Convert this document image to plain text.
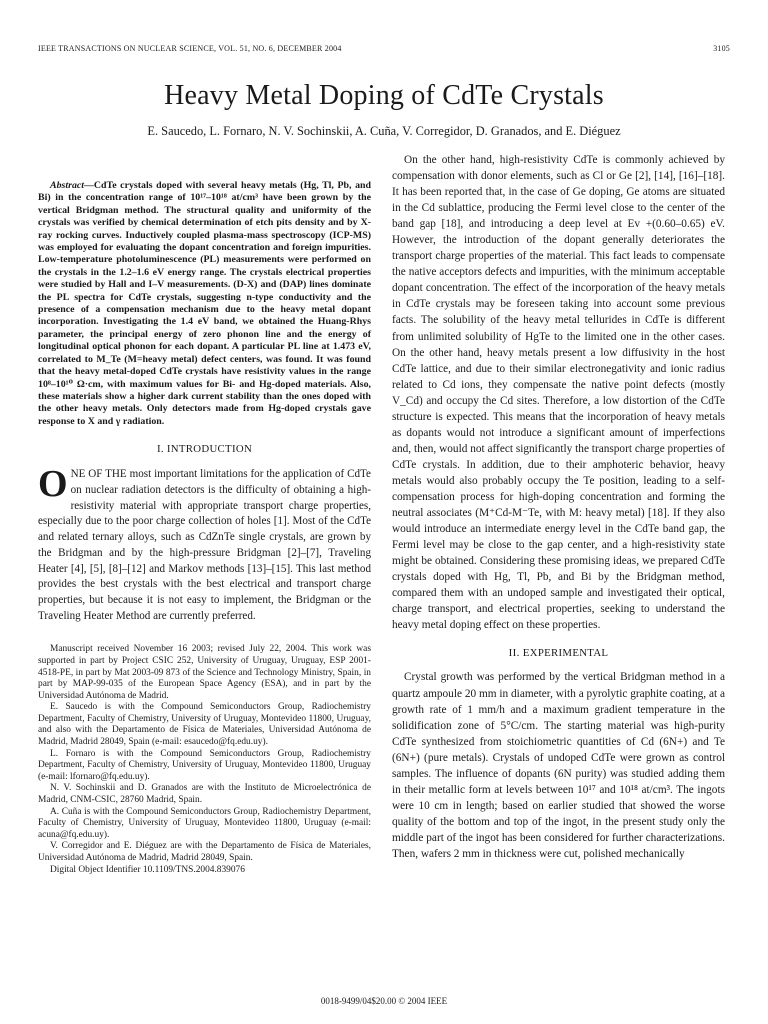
IEEE TRANSACTIONS ON NUCLEAR SCIENCE, VOL. 51, NO. 6, DECEMBER 2004	3105
Heavy Metal Doping of CdTe Crystals
E. Saucedo, L. Fornaro, N. V. Sochinskii, A. Cuña, V. Corregidor, D. Granados, and E. Diéguez

Abstract—CdTe crystals doped with several heavy metals (Hg, Tl, Pb, and Bi) in the concentration range of 10¹⁷–10¹⁸ at/cm³ have been grown by the vertical Bridgman method. The structural quality and uniformity of the crystals was verified by chemical determination of etch pits density and by X-ray rocking curves. Inductively coupled plasma-mass spectroscopy (ICP-MS) was employed for evaluating the dopant concentration and foreign impurities. Low-temperature photoluminescence (PL) measurements were performed on the crystals in the 1.2–1.6 eV energy range. The crystals electrical properties were studied by Hall and I–V measurements. (D-X) and (DAP) lines dominate the PL spectra for CdTe crystals, suggesting n-type conductivity and the presence of a compensation mechanism due to the heavy metal dopant incorporation. Investigating the 1.4 eV band, we obtained the Huang-Rhys parameter, the principal energy of zero phonon line and the energy of longitudinal optical phonon for each dopant. A particular PL line at 1.473 eV, correlated to M_Te (M=heavy metal) defect centers, was found. It was found that the heavy metal-doped CdTe crystals have resistivity values in the range 10⁸–10¹⁰ Ω·cm, with maximum values for Bi- and Hg-doped materials. Also, these materials show a higher dark current stability than the ones doped with the other heavy metals. Only detectors made from Hg-doped crystals gave response to X and γ radiation.

I. INTRODUCTION

ONE OF THE most important limitations for the application of CdTe on nuclear radiation detectors is the difficulty of obtaining a high-resistivity material with appropriate transport charge properties, especially due to the poor charge collection of holes [1]. Most of the CdTe and related ternary alloys, such as CdZnTe single crystals, are grown by the Bridgman and by the high-pressure Bridgman [2]–[7], Traveling Heater [4], [5], [8]–[12] and Markov methods [13]–[15]. This last method provides the best crystals with the best electrical and transport charge properties, but because it is not easy to implement, the Bridgman or the Traveling Heater Method are currently preferred.

Manuscript received November 16 2003; revised July 22, 2004. This work was supported in part by Project CSIC 252, University of Uruguay, Uruguay, ESP 2001-4518-PE, in part by Mat 2003-09 873 of the Science and Technology Ministry, Spain, in part by MAP-99-035 of the European Space Agency (ESA), and in part by the Universidad Autónoma de Madrid.

E. Saucedo is with the Compound Semiconductors Group, Radiochemistry Department, Faculty of Chemistry, University of Uruguay, Montevideo 11800, Uruguay, and also with the Departamento de Física de Materiales, Universidad Autónoma de Madrid, Madrid 28049, Spain (e-mail: esaucedo@fq.edu.uy).

L. Fornaro is with the Compound Semiconductors Group, Radiochemistry Department, Faculty of Chemistry, University of Uruguay, Montevideo 11800, Uruguay (e-mail: lfornaro@fq.edu.uy).

N. V. Sochinskii and D. Granados are with the Instituto de Microelectrónica de Madrid, CNM-CSIC, 28760 Madrid, Spain.

A. Cuña is with the Compound Semiconductors Group, Radiochemistry Department, Faculty of Chemistry, University of Uruguay, Montevideo 11800, Uruguay (e-mail: acuna@fq.edu.uy).

V. Corregidor and E. Diéguez are with the Departamento de Física de Materiales, Universidad Autónoma de Madrid, Madrid 28049, Spain.

Digital Object Identifier 10.1109/TNS.2004.839076

On the other hand, high-resistivity CdTe is commonly achieved by compensation with donor elements, such as Cl or Ge [2], [14], [16]–[18]. It has been reported that, in the case of Ge doping, Ge atoms are situated in the Cd sublattice, producing the Fermi level close to the center of the band gap [18], and introducing a deep level at Ev +(0.60–0.65) eV. However, the introduction of the dopant generally deteriorates the transport charge properties of the material. This fact leads to compensate the native acceptors defects and impurities, with the minimum acceptable dopant concentration. The effect of the incorporation of the heavy metals in CdTe crystals may be foreseen taking into account some previous facts. The solubility of the heavy metal tellurides in CdTe is different from unlimited solubility of HgTe to the limited one in the other cases. On the other hand, heavy metals present a low diffusivity in the host CdTe lattice, and due to their similar electronegativity and ionic radius related to Cd ions, they compensate the native point defects (mostly V_Cd) and occupy the Cd sites. Therefore, a low distortion of the CdTe structure is expected. This means that the incorporation of heavy metals as dopants would not introduce a significant amount of imperfections and, then, would not affect significantly the transport charge properties of CdTe crystals. In addition, due to their amphoteric behavior, heavy metals would also probably occupy the Te position, leading to a self-compensation process for high-doping concentration and forming the neutral associates (M⁺Cd-M⁻Te, with M: heavy metal) [18]. If they also would introduce an intermediate energy level in the CdTe band gap, the Fermi level may be close to the gap center, and a high-resistivity state might be obtained. Considering these promising ideas, we prepared CdTe crystals doped with Hg, Tl, Pb, and Bi by the Bridgman method, compared them with an undoped sample and investigated their optical, charge transport, and electrical properties, seeking to understand the heavy metal doping effect on these properties.

II. EXPERIMENTAL

Crystal growth was performed by the vertical Bridgman method in a quartz ampoule 20 mm in diameter, with a pyrolytic graphite coating, at a growth rate of 1 mm/h and a maximum gradient temperature in the solidification zone of 5°C/cm. The starting material was high-purity CdTe synthesized from stoichiometric quantities of Cd (6N+) and Te (6N+) (pure metals). Crystals of undoped CdTe were grown as control samples. The influence of dopants (6N purity) was studied adding them in their metallic form at levels between 10¹⁷ and 10¹⁸ at/cm³. The ingots were 10 cm in length; based on earlier studied that showed the worse quality of the bottom and top of the ingot, in the present study only the middle part of the ingot has been considered for further characterizations. Then, wafers 2 mm in thickness were cut, polished mechanically

0018-9499/04$20.00 © 2004 IEEE
